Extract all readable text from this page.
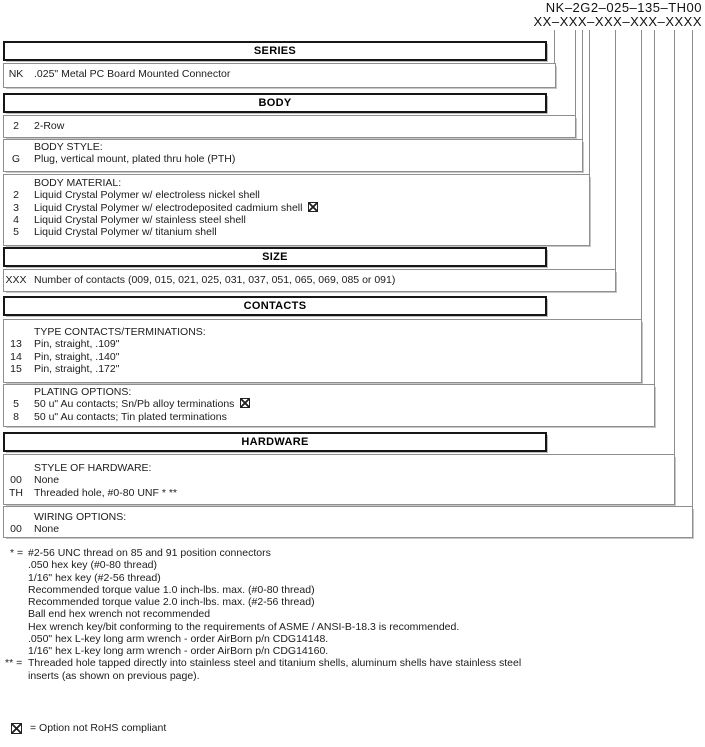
NK–2G2–025–135–TH00
XX–XXX–XXX–XXX–XXXX
SERIES
NK	.025" Metal PC Board Mounted Connector
BODY
2	2-Row
BODY STYLE:
G	Plug, vertical mount, plated thru hole (PTH)
BODY MATERIAL:
2	Liquid Crystal Polymer w/ electroless nickel shell
3	Liquid Crystal Polymer w/ electrodeposited cadmium shell
4	Liquid Crystal Polymer w/ stainless steel shell
5	Liquid Crystal Polymer w/ titanium shell
SIZE
XXX Number of contacts (009, 015, 021, 025, 031, 037, 051, 065, 069, 085 or 091)
CONTACTS
TYPE CONTACTS/TERMINATIONS:
13	Pin, straight, .109"
14	Pin, straight, .140"
15	Pin, straight, .172"
PLATING OPTIONS:
5	50 u" Au contacts; Sn/Pb alloy terminations
8	50 u" Au contacts; Tin plated terminations
HARDWARE
STYLE OF HARDWARE:
00	None
TH	Threaded hole, #0-80 UNF * **
WIRING OPTIONS:
00	None
* = #2-56 UNC thread on 85 and 91 position connectors
.050 hex key (#0-80 thread)
1/16" hex key (#2-56 thread)
Recommended torque value 1.0 inch-lbs. max. (#0-80 thread)
Recommended torque value 2.0 inch-lbs. max. (#2-56 thread)
Ball end hex wrench not recommended
Hex wrench key/bit conforming to the requirements of ASME / ANSI-B-18.3 is recommended.
.050" hex L-key long arm wrench - order AirBorn p/n CDG14148.
1/16" hex L-key long arm wrench - order AirBorn p/n CDG14160.
** = Threaded hole tapped directly into stainless steel and titanium shells, aluminum shells have stainless steel
inserts (as shown on previous page).
= Option not RoHS compliant
